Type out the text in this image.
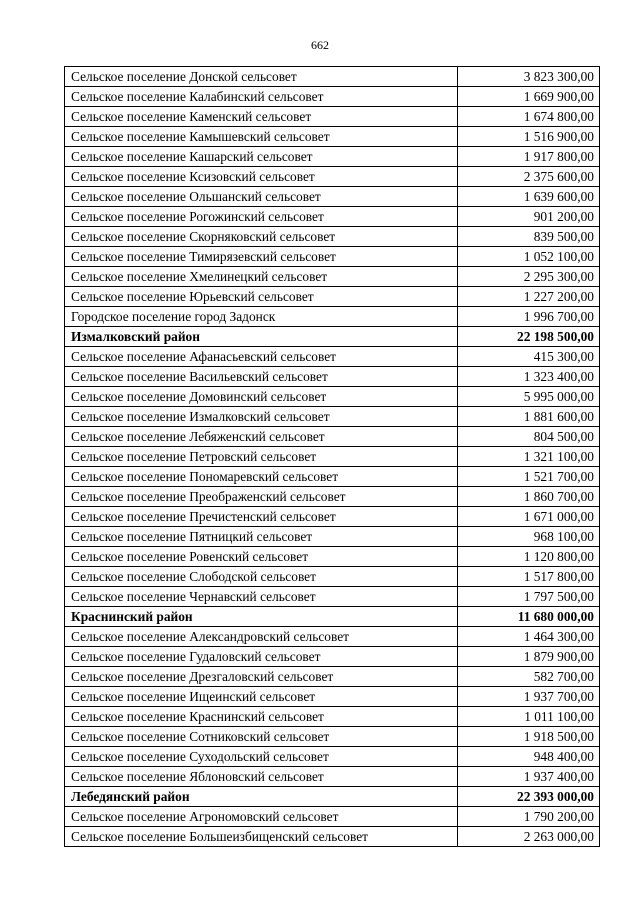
662
Сельское поселение Донской сельсовет	3 823 300,00
Сельское поселение Калабинский сельсовет	1 669 900,00
Сельское поселение Каменский сельсовет	1 674 800,00
Сельское поселение Камышевский сельсовет	1 516 900,00
Сельское поселение Кашарский сельсовет	1 917 800,00
Сельское поселение Ксизовский сельсовет	2 375 600,00
Сельское поселение Ольшанский сельсовет	1 639 600,00
Сельское поселение Рогожинский сельсовет	901 200,00
Сельское поселение Скорняковский сельсовет	839 500,00
Сельское поселение Тимирязевский сельсовет	1 052 100,00
Сельское поселение Хмелинецкий сельсовет	2 295 300,00
Сельское поселение Юрьевский сельсовет	1 227 200,00
Городское поселение город Задонск	1 996 700,00
Измалковский район	22 198 500,00
Сельское поселение Афанасьевский сельсовет	415 300,00
Сельское поселение Васильевский сельсовет	1 323 400,00
Сельское поселение Домовинский сельсовет	5 995 000,00
Сельское поселение Измалковский сельсовет	1 881 600,00
Сельское поселение Лебяженский сельсовет	804 500,00
Сельское поселение Петровский сельсовет	1 321 100,00
Сельское поселение Пономаревский сельсовет	1 521 700,00
Сельское поселение Преображенский сельсовет	1 860 700,00
Сельское поселение Пречистенский сельсовет	1 671 000,00
Сельское поселение Пятницкий сельсовет	968 100,00
Сельское поселение Ровенский сельсовет	1 120 800,00
Сельское поселение Слободской сельсовет	1 517 800,00
Сельское поселение Чернавский сельсовет	1 797 500,00
Краснинский район	11 680 000,00
Сельское поселение Александровский сельсовет	1 464 300,00
Сельское поселение Гудаловский сельсовет	1 879 900,00
Сельское поселение Дрезгаловский сельсовет	582 700,00
Сельское поселение Ищеинский сельсовет	1 937 700,00
Сельское поселение Краснинский сельсовет	1 011 100,00
Сельское поселение Сотниковский сельсовет	1 918 500,00
Сельское поселение Суходольский сельсовет	948 400,00
Сельское поселение Яблоновский сельсовет	1 937 400,00
Лебедянский район	22 393 000,00
Сельское поселение Агрономовский сельсовет	1 790 200,00
Сельское поселение Большеизбищенский сельсовет	2 263 000,00
